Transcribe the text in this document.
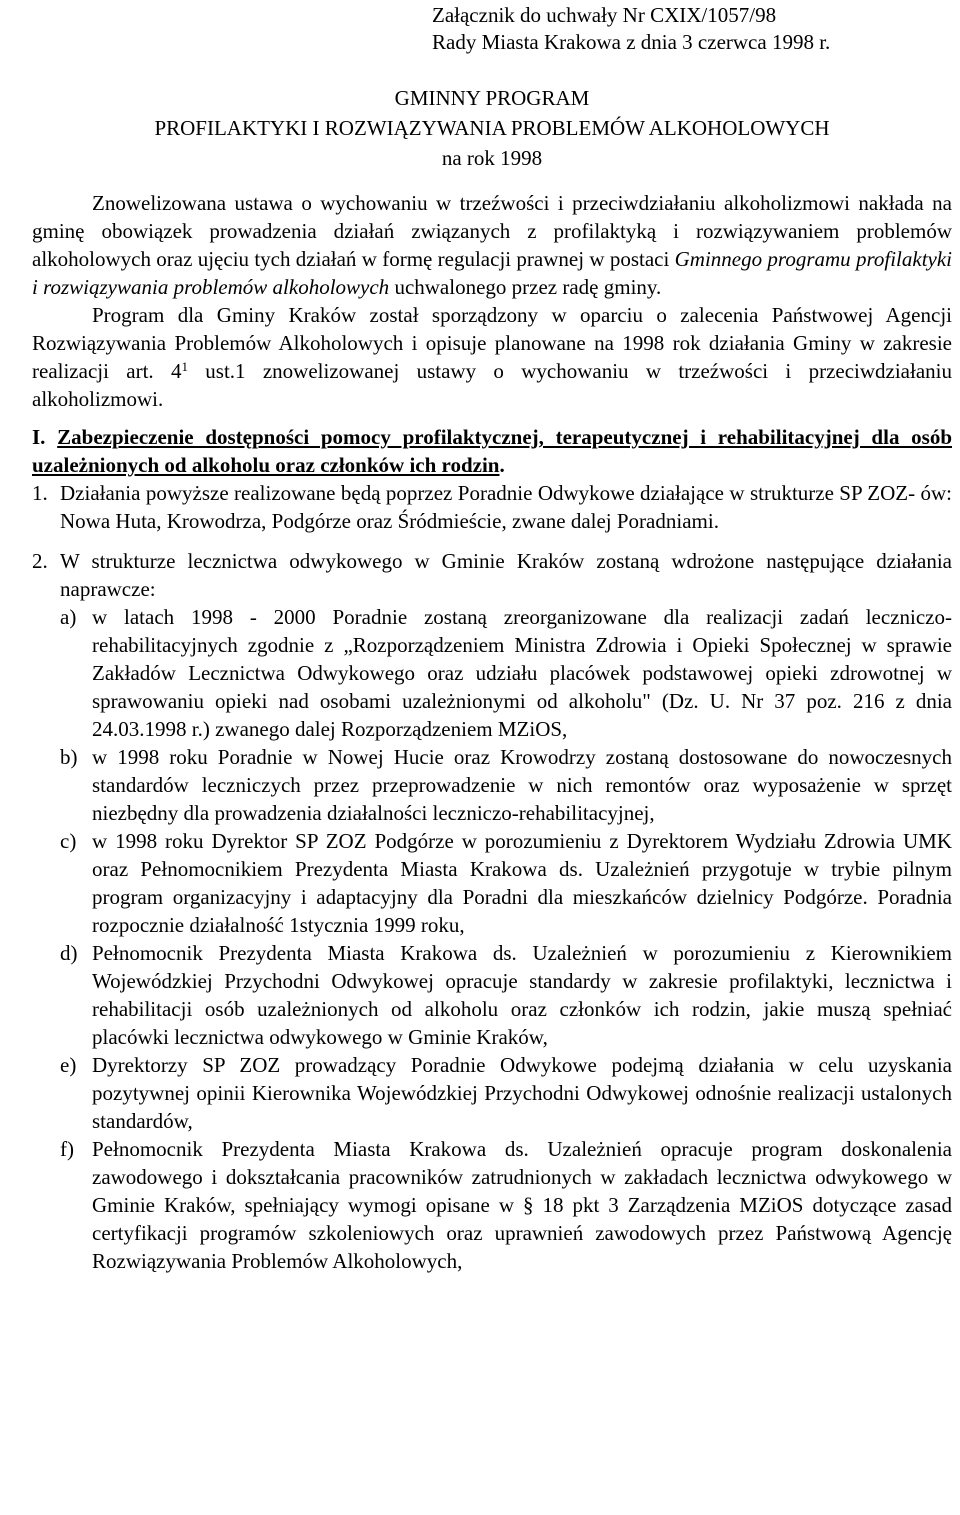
Załącznik do uchwały Nr CXIX/1057/98
Rady Miasta Krakowa z dnia 3 czerwca 1998 r.
GMINNY PROGRAM
PROFILAKTYKI I ROZWIĄZYWANIA PROBLEMÓW ALKOHOLOWYCH
na rok 1998
Znowelizowana ustawa o wychowaniu w trzeźwości i przeciwdziałaniu alkoholizmowi nakłada na gminę obowiązek prowadzenia działań związanych z profilaktyką i rozwiązywaniem problemów alkoholowych oraz ujęciu tych działań w formę regulacji prawnej w postaci Gminnego programu profilaktyki i rozwiązywania problemów alkoholowych uchwalonego przez radę gminy.
Program dla Gminy Kraków został sporządzony w oparciu o zalecenia Państwowej Agencji Rozwiązywania Problemów Alkoholowych i opisuje planowane na 1998 rok działania Gminy w zakresie realizacji art. $4^1$ ust.1 znowelizowanej ustawy o wychowaniu w trzeźwości i przeciwdziałaniu alkoholizmowi.
I. Zabezpieczenie dostępności pomocy profilaktycznej, terapeutycznej i rehabilitacyjnej dla osób uzależnionych od alkoholu oraz członków ich rodzin.
1. Działania powyższe realizowane będą poprzez Poradnie Odwykowe działające w strukturze SP ZOZ- ów: Nowa Huta, Krowodrza, Podgórze oraz Śródmieście, zwane dalej Poradniami.
2. W strukturze lecznictwa odwykowego w Gminie Kraków zostaną wdrożone następujące działania naprawcze:
a) w latach 1998 - 2000 Poradnie zostaną zreorganizowane dla realizacji zadań leczniczo- rehabilitacyjnych zgodnie z „Rozporządzeniem Ministra Zdrowia i Opieki Społecznej w sprawie Zakładów Lecznictwa Odwykowego oraz udziału placówek podstawowej opieki zdrowotnej w sprawowaniu opieki nad osobami uzależnionymi od alkoholu" (Dz. U. Nr 37 poz. 216 z dnia 24.03.1998 r.) zwanego dalej Rozporządzeniem MZiOS,
b) w 1998 roku Poradnie w Nowej Hucie oraz Krowodrzy zostaną dostosowane do nowoczesnych standardów leczniczych przez przeprowadzenie w nich remontów oraz wyposażenie w sprzęt niezbędny dla prowadzenia działalności leczniczo-rehabilitacyjnej,
c) w 1998 roku Dyrektor SP ZOZ Podgórze w porozumieniu z Dyrektorem Wydziału Zdrowia UMK oraz Pełnomocnikiem Prezydenta Miasta Krakowa ds. Uzależnień przygotuje w trybie pilnym program organizacyjny i adaptacyjny dla Poradni dla mieszkańców dzielnicy Podgórze. Poradnia rozpocznie działalność 1stycznia 1999 roku,
d) Pełnomocnik Prezydenta Miasta Krakowa ds. Uzależnień w porozumieniu z Kierownikiem Wojewódzkiej Przychodni Odwykowej opracuje standardy w zakresie profilaktyki, lecznictwa i rehabilitacji osób uzależnionych od alkoholu oraz członków ich rodzin, jakie muszą spełniać placówki lecznictwa odwykowego w Gminie Kraków,
e) Dyrektorzy SP ZOZ prowadzący Poradnie Odwykowe podejmą działania w celu uzyskania pozytywnej opinii Kierownika Wojewódzkiej Przychodni Odwykowej odnośnie realizacji ustalonych standardów,
f) Pełnomocnik Prezydenta Miasta Krakowa ds. Uzależnień opracuje program doskonalenia zawodowego i dokształcania pracowników zatrudnionych w zakładach lecznictwa odwykowego w Gminie Kraków, spełniający wymogi opisane w § 18 pkt 3 Zarządzenia MZiOS dotyczące zasad certyfikacji programów szkoleniowych oraz uprawnień zawodowych przez Państwową Agencję Rozwiązywania Problemów Alkoholowych,
